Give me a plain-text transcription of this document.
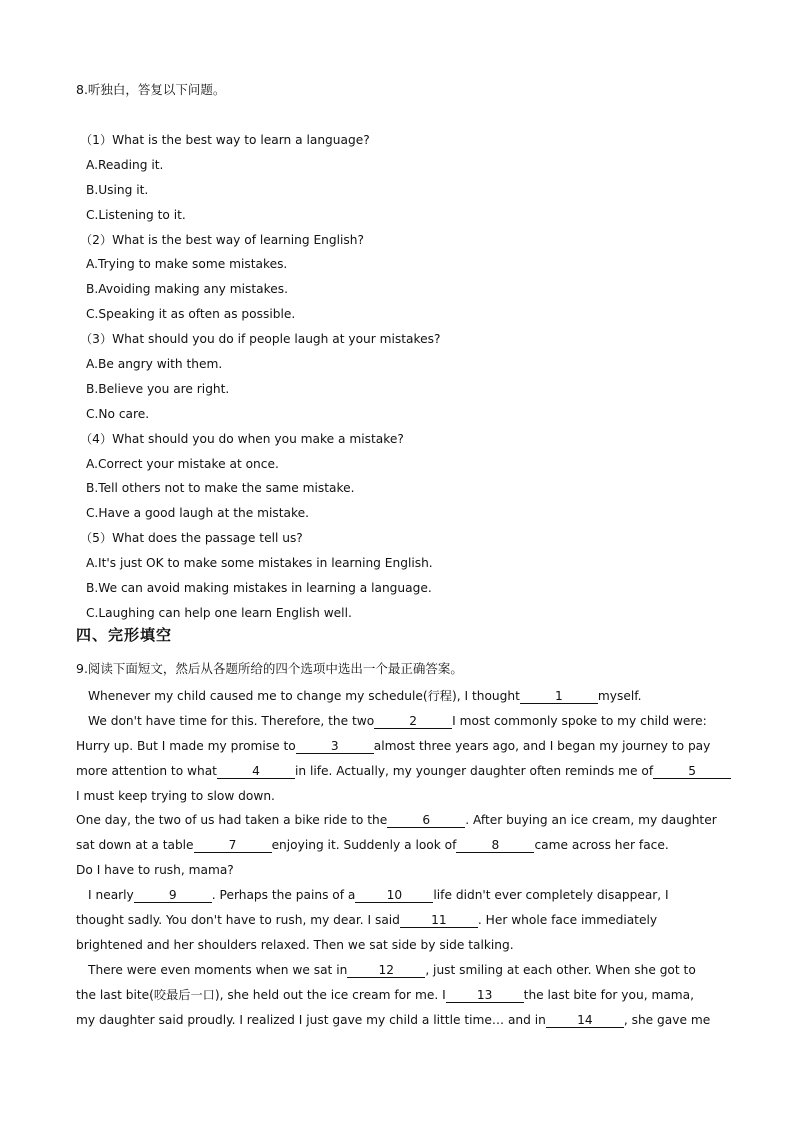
8.听独白，答复以下问题。
（1）What is the best way to learn a language?
A.Reading it.
B.Using it.
C.Listening to it.
（2）What is the best way of learning English?
A.Trying to make some mistakes.
B.Avoiding making any mistakes.
C.Speaking it as often as possible.
（3）What should you do if people laugh at your mistakes?
A.Be angry with them.
B.Believe you are right.
C.No care.
（4）What should you do when you make a mistake?
A.Correct your mistake at once.
B.Tell others not to make the same mistake.
C.Have a good laugh at the mistake.
（5）What does the passage tell us?
A.It's just OK to make some mistakes in learning English.
B.We can avoid making mistakes in learning a language.
C.Laughing can help one learn English well.
四、完形填空
9.阅读下面短文，然后从各题所给的四个选项中选出一个最正确答案。
Whenever my child caused me to change my schedule(行程), I thought	1	myself.
We don't have time for this. Therefore, the two	2	I most commonly spoke to my child were:
Hurry up. But I made my promise to	3	almost three years ago, and I began my journey to pay
more attention to what	4	in life. Actually, my younger daughter often reminds me of	5
I must keep trying to slow down.
One day, the two of us had taken a bike ride to the	6	. After buying an ice cream, my daughter
sat down at a table	7	enjoying it. Suddenly a look of	8	came across her face.
Do I have to rush, mama?
I nearly	9	. Perhaps the pains of a	10	life didn't ever completely disappear, I
thought sadly. You don't have to rush, my dear. I said	11	. Her whole face immediately
brightened and her shoulders relaxed. Then we sat side by side talking.
There were even moments when we sat in	12	, just smiling at each other. When she got to
the last bite(咬最后一口), she held out the ice cream for me. I	13	the last bite for you, mama,
my daughter said proudly. I realized I just gave my child a little time… and in	14	, she gave me
